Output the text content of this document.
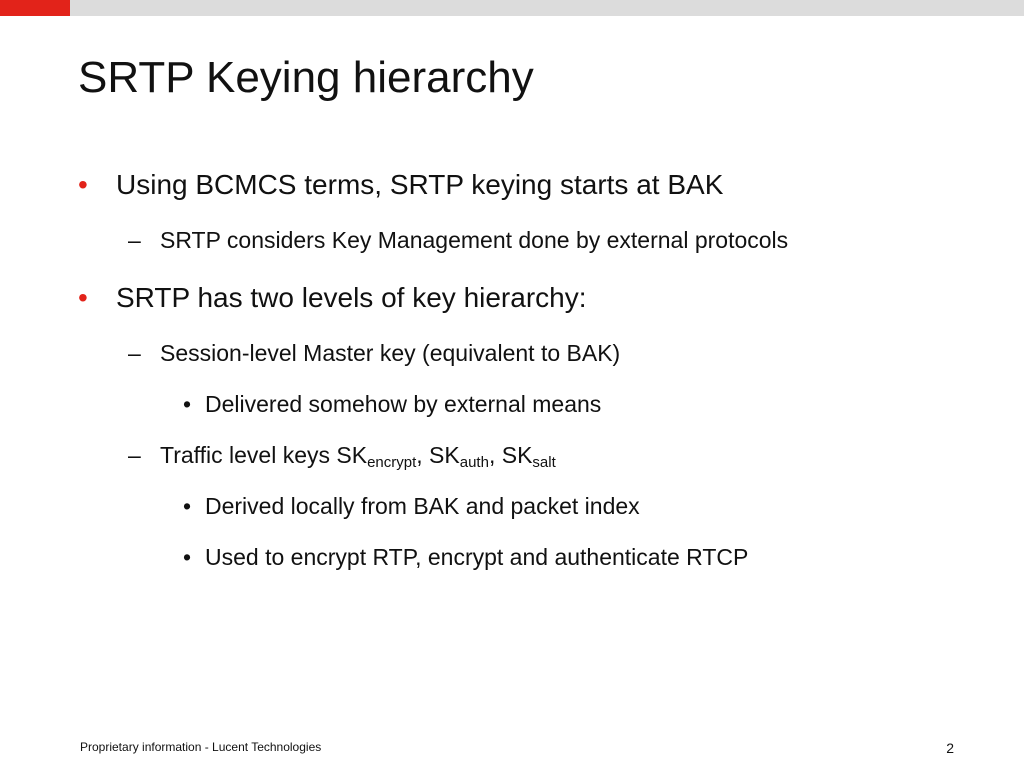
SRTP Keying hierarchy
•	Using BCMCS terms, SRTP keying starts at BAK
– SRTP considers Key Management done by external protocols
•	SRTP has two levels of key hierarchy:
– Session-level Master key (equivalent to BAK)
• Delivered somehow by external means
– Traffic level keys $SK_{encrypt}$, $SK_{auth}$, $SK_{salt}$
• Derived locally from BAK and packet index
• Used to encrypt RTP, encrypt and authenticate RTCP
Proprietary information - Lucent Technologies	2
